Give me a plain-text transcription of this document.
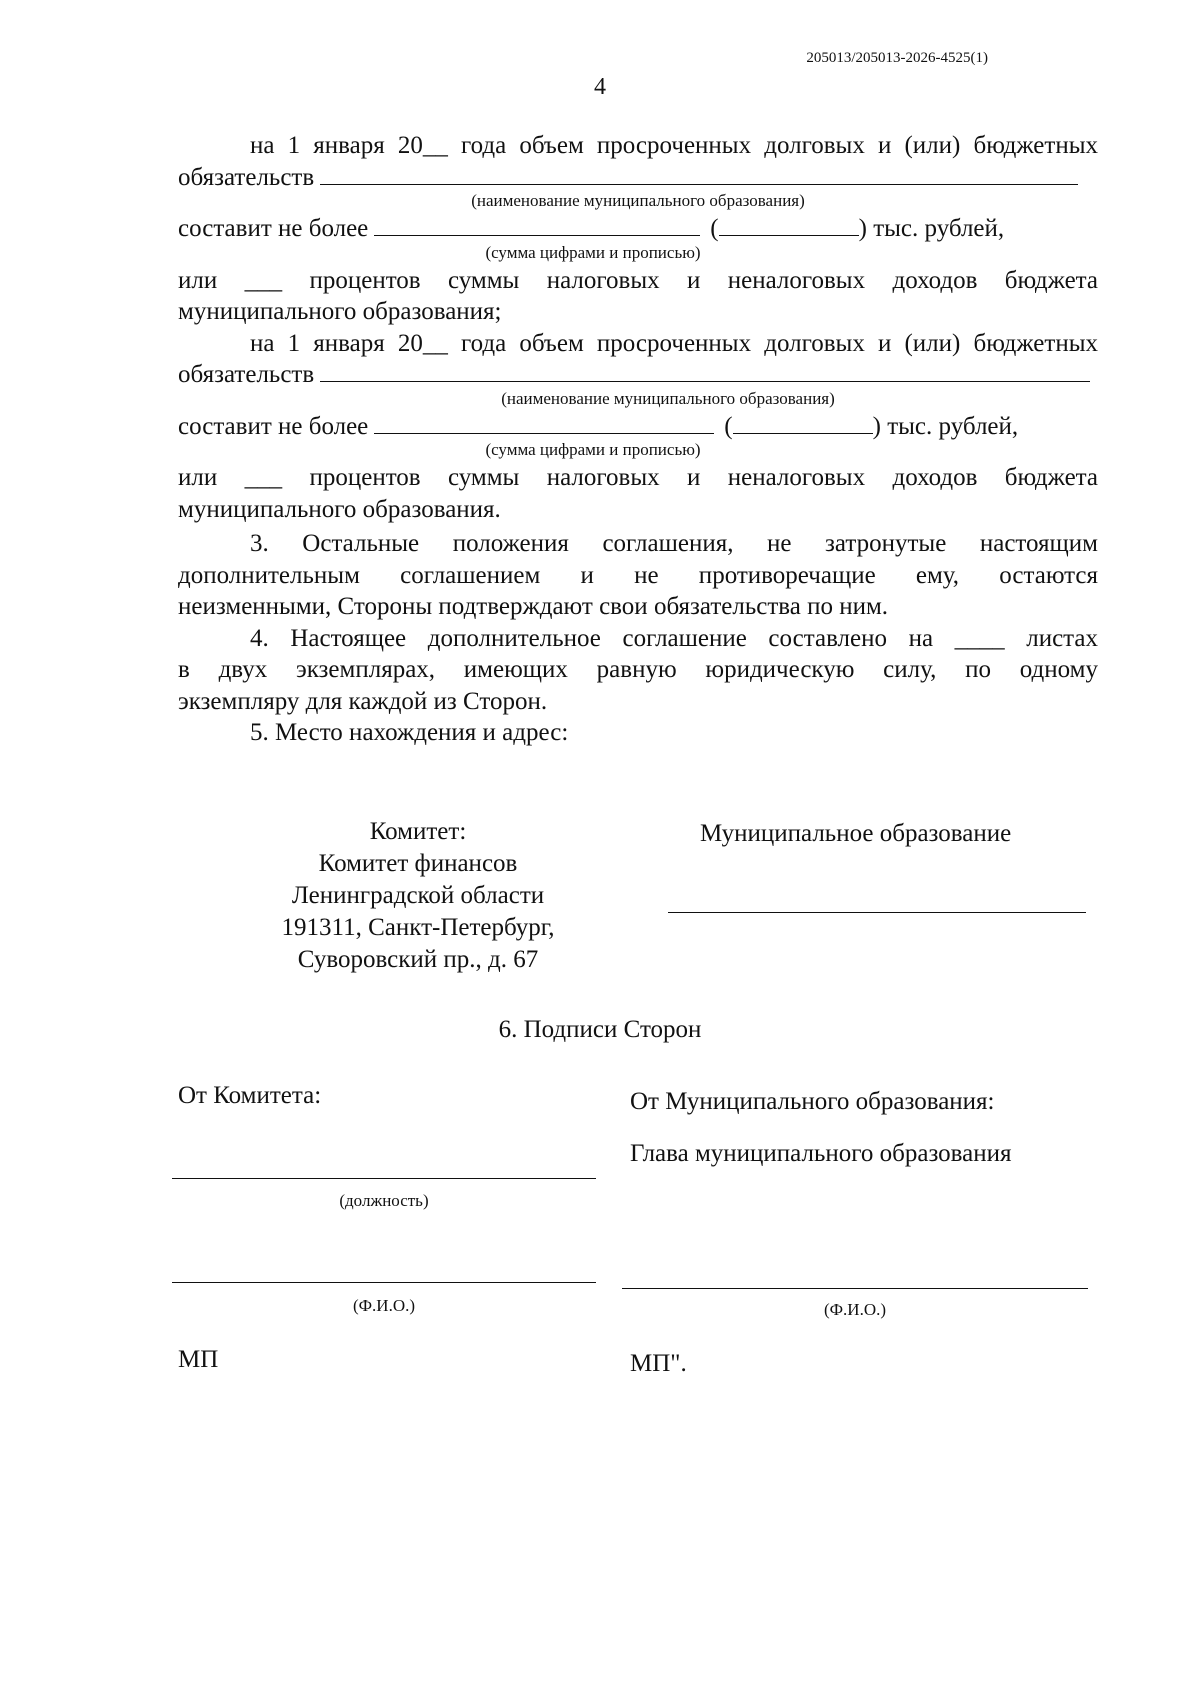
205013/205013-2026-4525(1)
4
на 1 января 20__ года объем просроченных долговых и (или) бюджетных
обязательств
(наименование муниципального образования)
составит не более	(	) тыс. рублей,
(сумма цифрами и прописью)
или ___ процентов суммы налоговых и неналоговых доходов бюджета
муниципального образования;
на 1 января 20__ года объем просроченных долговых и (или) бюджетных
обязательств
(наименование муниципального образования)
составит не более	(	) тыс. рублей,
(сумма цифрами и прописью)
или ___ процентов суммы налоговых и неналоговых доходов бюджета
муниципального образования.
3. Остальные положения соглашения, не затронутые настоящим
дополнительным соглашением и не противоречащие ему, остаются
неизменными, Стороны подтверждают свои обязательства по ним.
4. Настоящее дополнительное соглашение составлено на ____ листах
в двух экземплярах, имеющих равную юридическую силу, по одному
экземпляру для каждой из Сторон.
5. Место нахождения и адрес:
Комитет:
Комитет финансов
Ленинградской области
191311, Санкт-Петербург,
Суворовский пр., д. 67
Муниципальное образование
6. Подписи Сторон
От Комитета:	От Муниципального образования:
Глава муниципального образования
(должность)
(Ф.И.О.)	(Ф.И.О.)
МП	МП".
